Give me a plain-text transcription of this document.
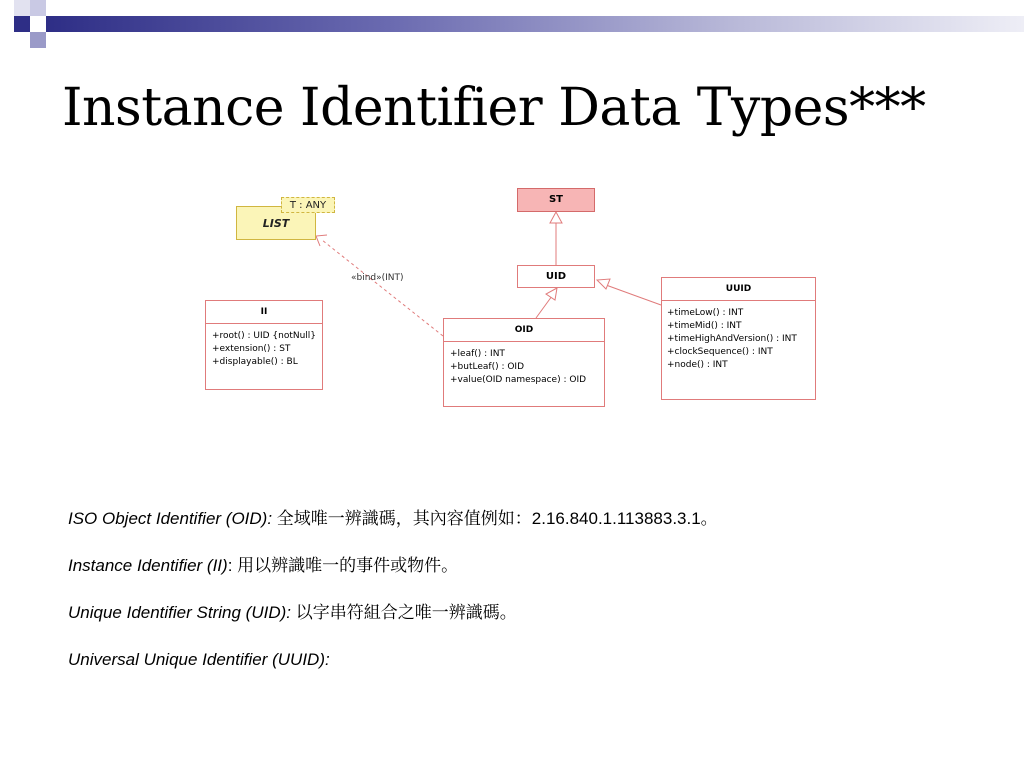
Instance Identifier Data Types***
LIST
T : ANY
ST
UID
«bind»(INT)
II
+root() : UID {notNull}
+extension() : ST
+displayable() : BL
OID
+leaf() : INT
+butLeaf() : OID
+value(OID namespace) : OID
UUID
+timeLow() : INT
+timeMid() : INT
+timeHighAndVersion() : INT
+clockSequence() : INT
+node() : INT
ISO Object Identifier (OID): 全域唯一辨識碼，其內容值例如：2.16.840.1.113883.3.1。
Instance Identifier (II): 用以辨識唯一的事件或物件。
Unique Identifier String (UID): 以字串符組合之唯一辨識碼。
Universal Unique Identifier (UUID):
